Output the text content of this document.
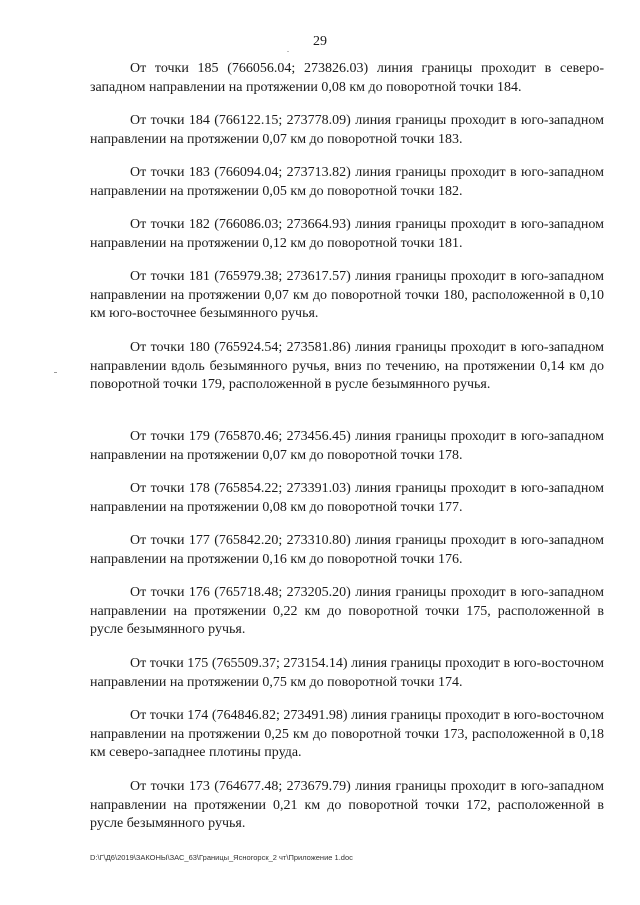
29

От точки 185 (766056.04; 273826.03) линия границы проходит в северо-западном направлении на протяжении 0,08 км до поворотной точки 184.

От точки 184 (766122.15; 273778.09) линия границы проходит в юго-западном направлении на протяжении 0,07 км до поворотной точки 183.

От точки 183 (766094.04; 273713.82) линия границы проходит в юго-западном направлении на протяжении 0,05 км до поворотной точки 182.

От точки 182 (766086.03; 273664.93) линия границы проходит в юго-западном направлении на протяжении 0,12 км до поворотной точки 181.

От точки 181 (765979.38; 273617.57) линия границы проходит в юго-западном направлении на протяжении 0,07 км до поворотной точки 180, расположенной в 0,10 км юго-восточнее безымянного ручья.

От точки 180 (765924.54; 273581.86) линия границы проходит в юго-западном направлении вдоль безымянного ручья, вниз по течению, на протяжении 0,14 км до поворотной точки 179, расположенной в русле безымянного ручья.

От точки 179 (765870.46; 273456.45) линия границы проходит в юго-западном направлении на протяжении 0,07 км до поворотной точки 178.

От точки 178 (765854.22; 273391.03) линия границы проходит в юго-западном направлении на протяжении 0,08 км до поворотной точки 177.

От точки 177 (765842.20; 273310.80) линия границы проходит в юго-западном направлении на протяжении 0,16 км до поворотной точки 176.

От точки 176 (765718.48; 273205.20) линия границы проходит в юго-западном направлении на протяжении 0,22 км до поворотной точки 175, расположенной в русле безымянного ручья.

От точки 175 (765509.37; 273154.14) линия границы проходит в юго-восточном направлении на протяжении 0,75 км до поворотной точки 174.

От точки 174 (764846.82; 273491.98) линия границы проходит в юго-восточном направлении на протяжении 0,25 км до поворотной точки 173, расположенной в 0,18 км северо-западнее плотины пруда.

От точки 173 (764677.48; 273679.79) линия границы проходит в юго-западном направлении на протяжении 0,21 км до поворотной точки 172, расположенной в русле безымянного ручья.

D:\Г\Д6\2019\ЗАКОНЫ\ЗАС_63\Границы_Ясногорск_2 чт\Приложение 1.doc
